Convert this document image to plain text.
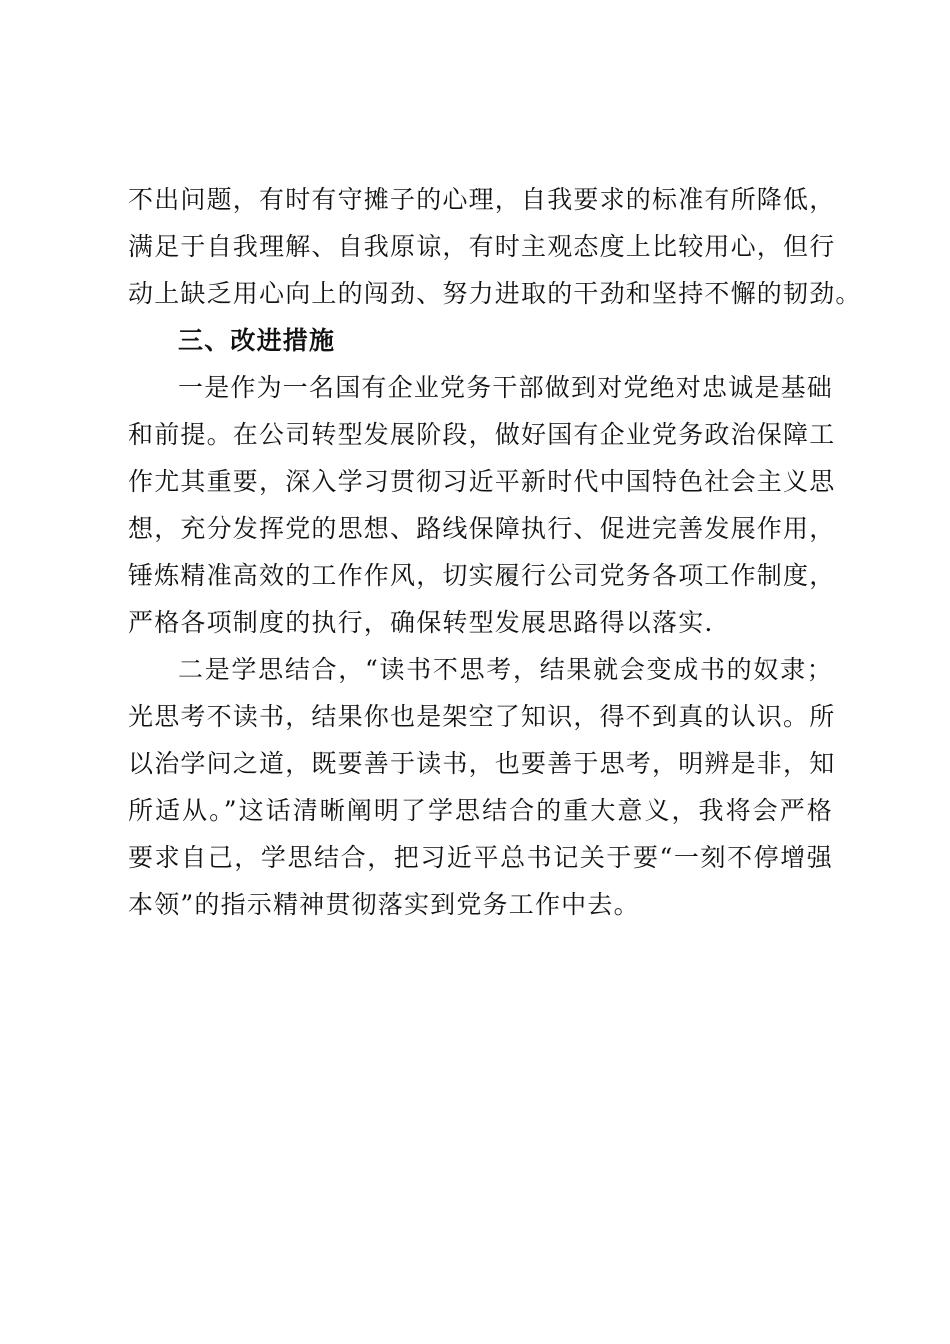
不出问题，有时有守摊子的心理，自我要求的标准有所降低，
满足于自我理解、自我原谅，有时主观态度上比较用心，但行
动上缺乏用心向上的闯劲、努力进取的干劲和坚持不懈的韧劲。
三、改进措施
一是作为一名国有企业党务干部做到对党绝对忠诚是基础
和前提。在公司转型发展阶段，做好国有企业党务政治保障工
作尤其重要，深入学习贯彻习近平新时代中国特色社会主义思
想，充分发挥党的思想、路线保障执行、促进完善发展作用，
锤炼精准高效的工作作风，切实履行公司党务各项工作制度，
严格各项制度的执行，确保转型发展思路得以落实.
二是学思结合，“读书不思考，结果就会变成书的奴隶；
光思考不读书，结果你也是架空了知识，得不到真的认识。所
以治学问之道，既要善于读书，也要善于思考，明辨是非，知
所适从。”这话清晰阐明了学思结合的重大意义，我将会严格
要求自己，学思结合，把习近平总书记关于要“一刻不停增强
本领”的指示精神贯彻落实到党务工作中去。
